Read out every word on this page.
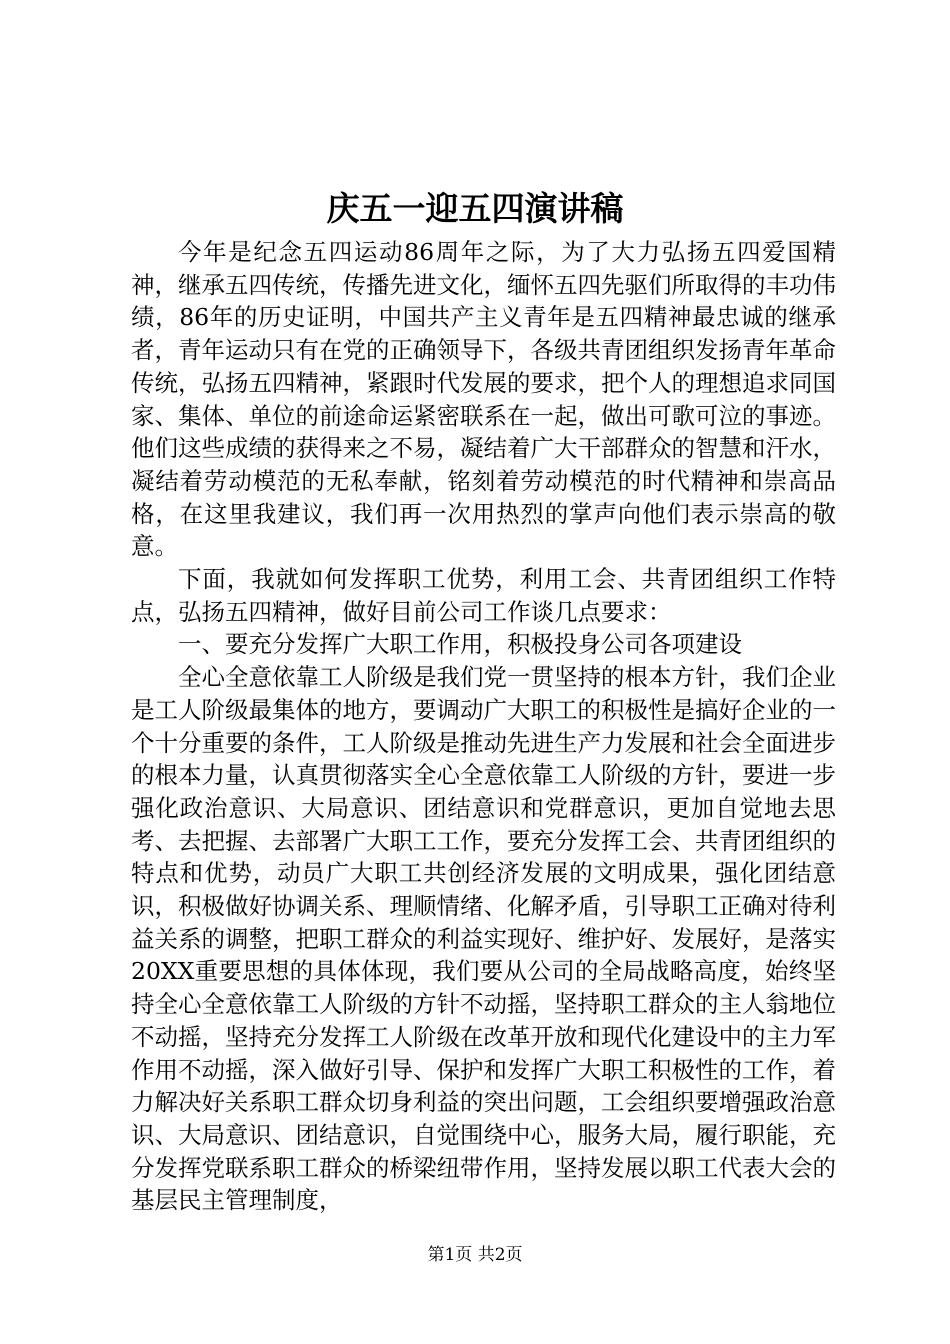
庆五一迎五四演讲稿

今年是纪念五四运动86周年之际，为了大力弘扬五四爱国精神，继承五四传统，传播先进文化，缅怀五四先驱们所取得的丰功伟绩，86年的历史证明，中国共产主义青年是五四精神最忠诚的继承者，青年运动只有在党的正确领导下，各级共青团组织发扬青年革命传统，弘扬五四精神，紧跟时代发展的要求，把个人的理想追求同国家、集体、单位的前途命运紧密联系在一起，做出可歌可泣的事迹。他们这些成绩的获得来之不易，凝结着广大干部群众的智慧和汗水，凝结着劳动模范的无私奉献，铭刻着劳动模范的时代精神和崇高品格，在这里我建议，我们再一次用热烈的掌声向他们表示崇高的敬意。

下面，我就如何发挥职工优势，利用工会、共青团组织工作特点，弘扬五四精神，做好目前公司工作谈几点要求：

一、要充分发挥广大职工作用，积极投身公司各项建设

全心全意依靠工人阶级是我们党一贯坚持的根本方针，我们企业是工人阶级最集体的地方，要调动广大职工的积极性是搞好企业的一个十分重要的条件，工人阶级是推动先进生产力发展和社会全面进步的根本力量，认真贯彻落实全心全意依靠工人阶级的方针，要进一步强化政治意识、大局意识、团结意识和党群意识，更加自觉地去思考、去把握、去部署广大职工工作，要充分发挥工会、共青团组织的特点和优势，动员广大职工共创经济发展的文明成果，强化团结意识，积极做好协调关系、理顺情绪、化解矛盾，引导职工正确对待利益关系的调整，把职工群众的利益实现好、维护好、发展好，是落实20XX重要思想的具体体现，我们要从公司的全局战略高度，始终坚持全心全意依靠工人阶级的方针不动摇，坚持职工群众的主人翁地位不动摇，坚持充分发挥工人阶级在改革开放和现代化建设中的主力军作用不动摇，深入做好引导、保护和发挥广大职工积极性的工作，着力解决好关系职工群众切身利益的突出问题，工会组织要增强政治意识、大局意识、团结意识，自觉围绕中心，服务大局，履行职能，充分发挥党联系职工群众的桥梁纽带作用，坚持发展以职工代表大会的基层民主管理制度，

第1页 共2页
